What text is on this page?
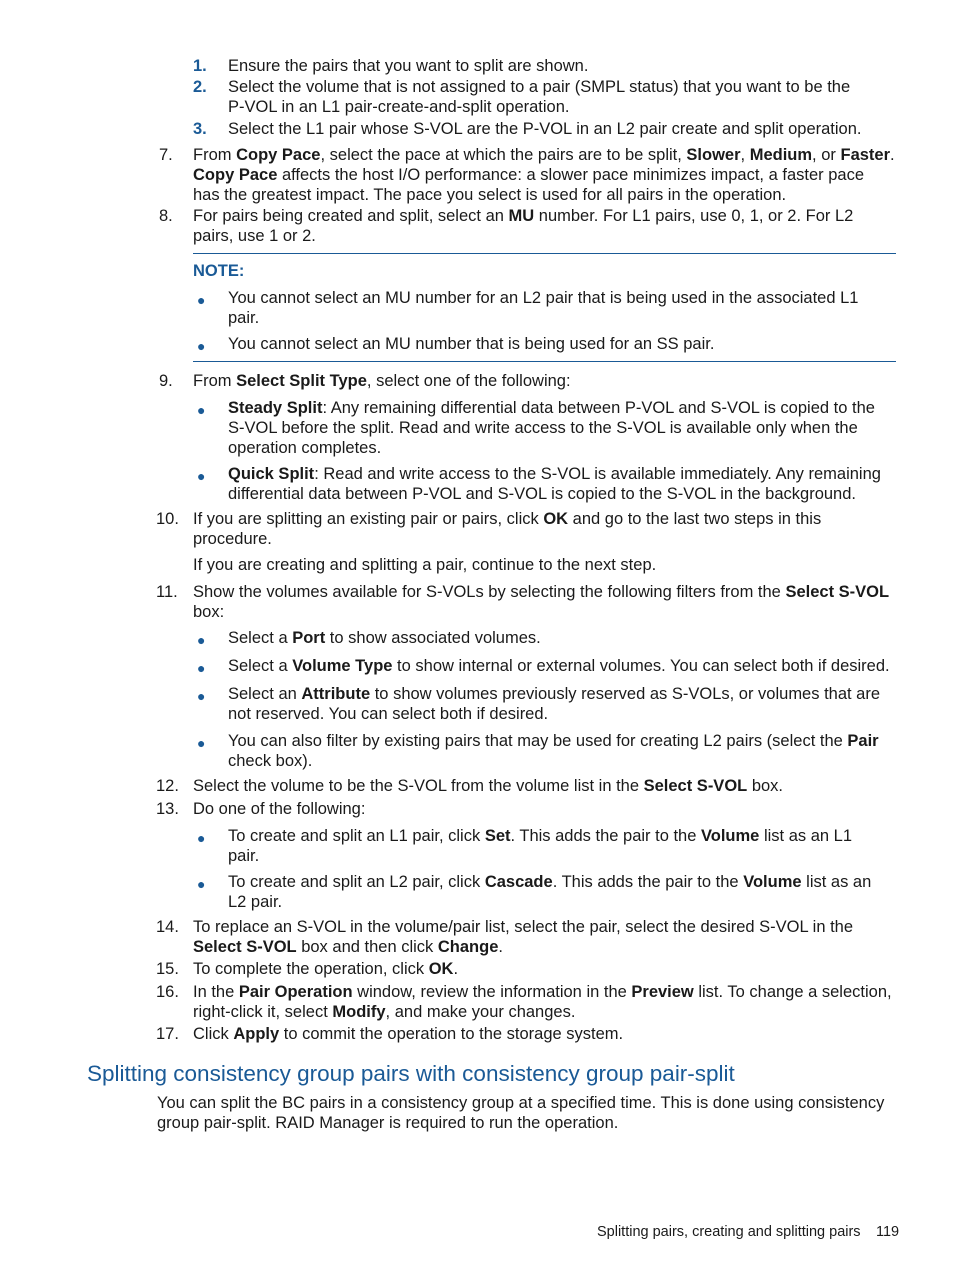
1. Ensure the pairs that you want to split are shown.
2. Select the volume that is not assigned to a pair (SMPL status) that you want to be the
P-VOL in an L1 pair-create-and-split operation.
3. Select the L1 pair whose S-VOL are the P-VOL in an L2 pair create and split operation.
7. From Copy Pace, select the pace at which the pairs are to be split, Slower, Medium, or Faster.
Copy Pace affects the host I/O performance: a slower pace minimizes impact, a faster pace
has the greatest impact. The pace you select is used for all pairs in the operation.
8. For pairs being created and split, select an MU number. For L1 pairs, use 0, 1, or 2. For L2
pairs, use 1 or 2.
NOTE:
● You cannot select an MU number for an L2 pair that is being used in the associated L1
pair.
● You cannot select an MU number that is being used for an SS pair.
9. From Select Split Type, select one of the following:
● Steady Split: Any remaining differential data between P-VOL and S-VOL is copied to the
S-VOL before the split. Read and write access to the S-VOL is available only when the
operation completes.
● Quick Split: Read and write access to the S-VOL is available immediately. Any remaining
differential data between P-VOL and S-VOL is copied to the S-VOL in the background.
10. If you are splitting an existing pair or pairs, click OK and go to the last two steps in this
procedure.
If you are creating and splitting a pair, continue to the next step.
11. Show the volumes available for S-VOLs by selecting the following filters from the Select S-VOL
box:
● Select a Port to show associated volumes.
● Select a Volume Type to show internal or external volumes. You can select both if desired.
● Select an Attribute to show volumes previously reserved as S-VOLs, or volumes that are
not reserved. You can select both if desired.
● You can also filter by existing pairs that may be used for creating L2 pairs (select the Pair
check box).
12. Select the volume to be the S-VOL from the volume list in the Select S-VOL box.
13. Do one of the following:
● To create and split an L1 pair, click Set. This adds the pair to the Volume list as an L1
pair.
● To create and split an L2 pair, click Cascade. This adds the pair to the Volume list as an
L2 pair.
14. To replace an S-VOL in the volume/pair list, select the pair, select the desired S-VOL in the
Select S-VOL box and then click Change.
15. To complete the operation, click OK.
16. In the Pair Operation window, review the information in the Preview list. To change a selection,
right-click it, select Modify, and make your changes.
17. Click Apply to commit the operation to the storage system.
Splitting consistency group pairs with consistency group pair-split
You can split the BC pairs in a consistency group at a specified time. This is done using consistency
group pair-split. RAID Manager is required to run the operation.
Splitting pairs, creating and splitting pairs 119
